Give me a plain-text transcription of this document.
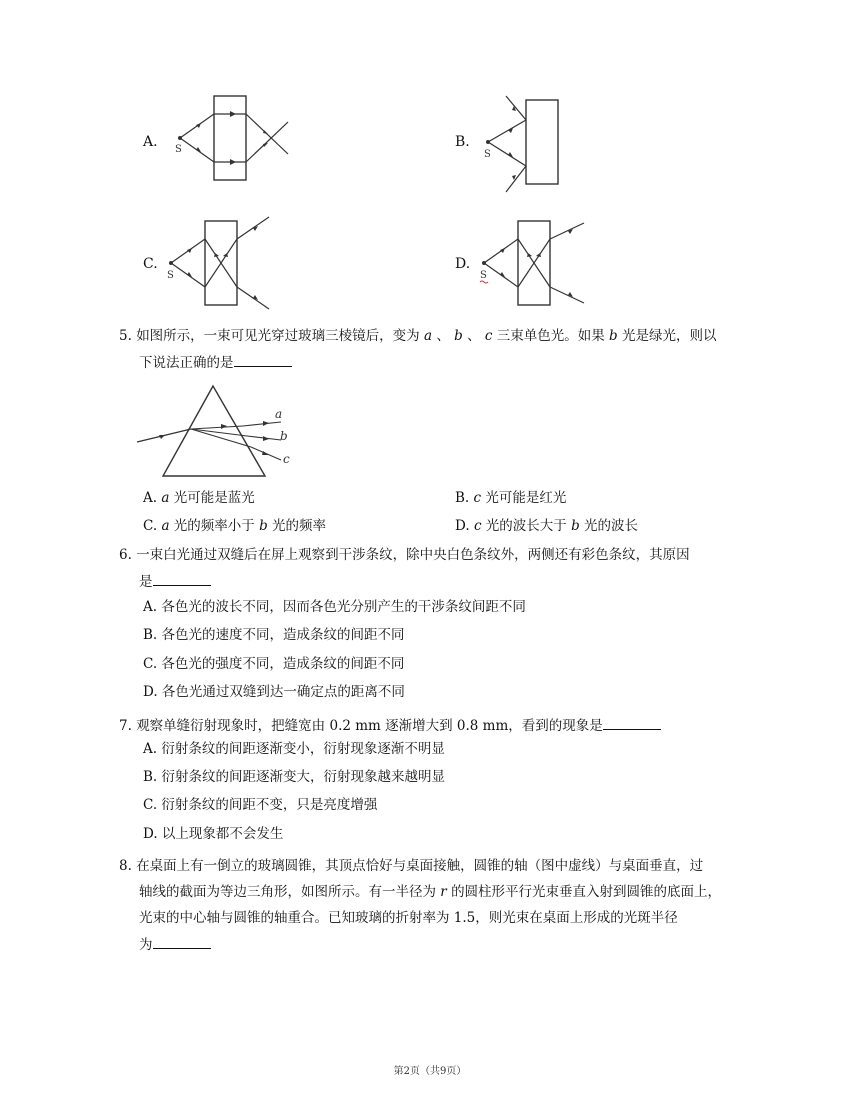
A. S	B.
S
C.
S
D.
S
5. 如图所示，一束可见光穿过玻璃三棱镜后，变为 a 、 b 、 c 三束单色光。如果 b 光是绿光，则以
下说法正确的是
a
b
c
A. a 光可能是蓝光	B. c 光可能是红光
C. a 光的频率小于 b 光的频率	D. c 光的波长大于 b 光的波长
6. 一束白光通过双缝后在屏上观察到干涉条纹，除中央白色条纹外，两侧还有彩色条纹，其原因
是
A. 各色光的波长不同，因而各色光分别产生的干涉条纹间距不同
B. 各色光的速度不同，造成条纹的间距不同
C. 各色光的强度不同，造成条纹的间距不同
D. 各色光通过双缝到达一确定点的距离不同
7. 观察单缝衍射现象时，把缝宽由 0.2 mm 逐渐增大到 0.8 mm，看到的现象是
A. 衍射条纹的间距逐渐变小，衍射现象逐渐不明显
B. 衍射条纹的间距逐渐变大，衍射现象越来越明显
C. 衍射条纹的间距不变，只是亮度增强
D. 以上现象都不会发生
8. 在桌面上有一倒立的玻璃圆锥，其顶点恰好与桌面接触，圆锥的轴（图中虚线）与桌面垂直，过
轴线的截面为等边三角形，如图所示。有一半径为 r 的圆柱形平行光束垂直入射到圆锥的底面上，
光束的中心轴与圆锥的轴重合。已知玻璃的折射率为 1.5，则光束在桌面上形成的光斑半径
为
第2页（共9页）
